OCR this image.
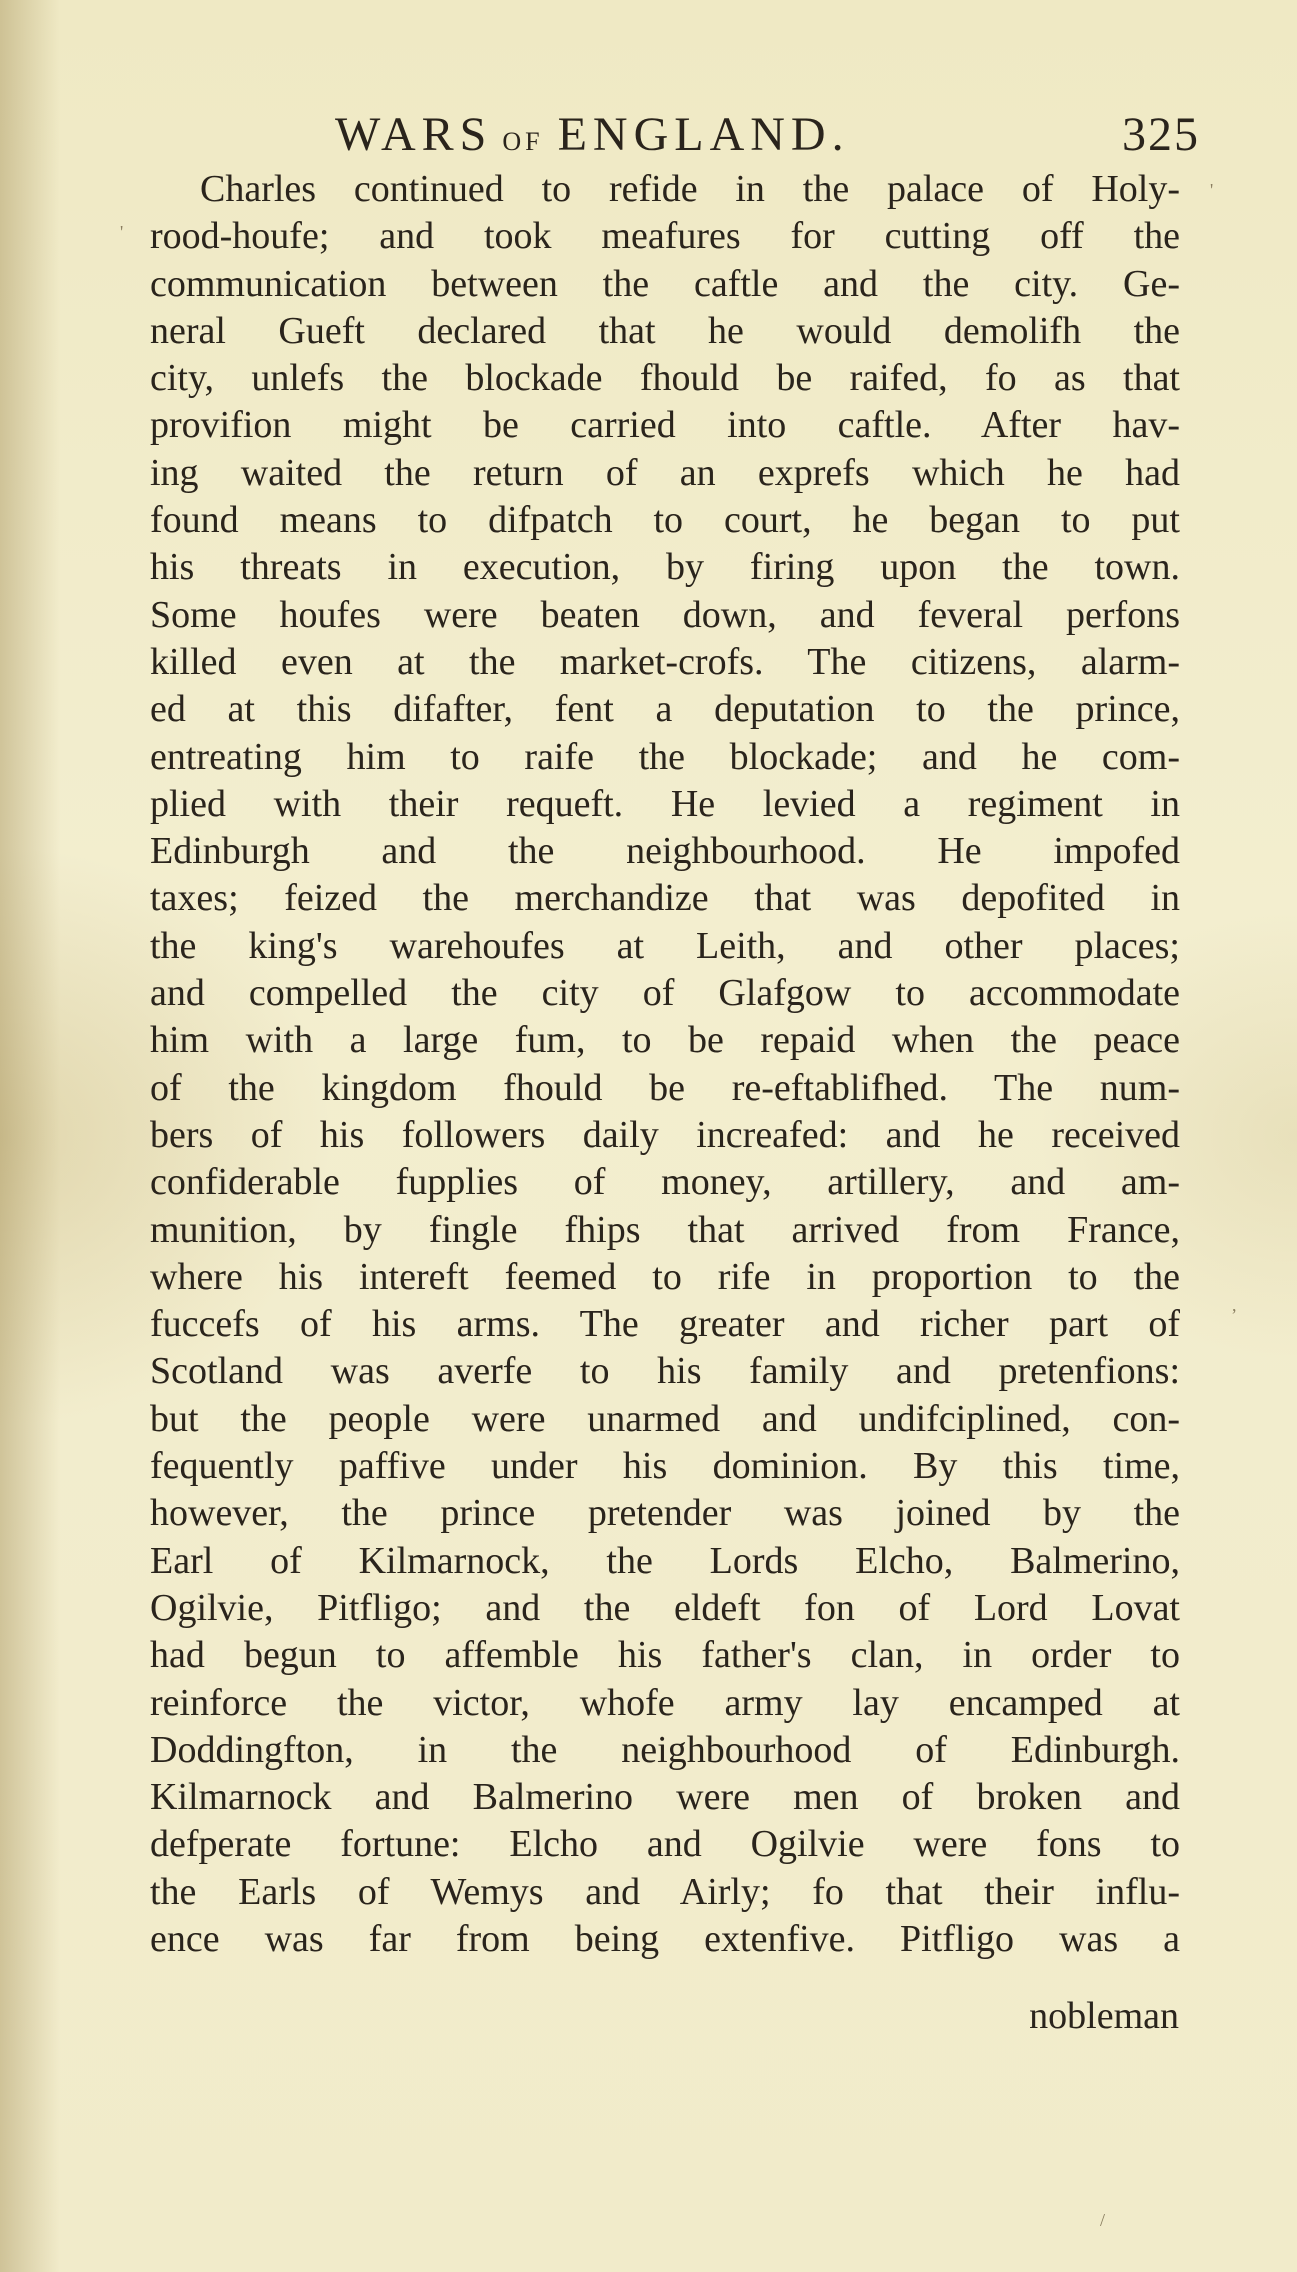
WARS OF ENGLAND.	325
Charles continued to refide in the palace of Holy-
rood-houfe; and took meafures for cutting off the
communication between the caftle and the city. Ge-
neral Gueft declared that he would demolifh the
city, unlefs the blockade fhould be raifed, fo as that
provifion might be carried into caftle. After hav-
ing waited the return of an exprefs which he had
found means to difpatch to court, he began to put
his threats in execution, by firing upon the town.
Some houfes were beaten down, and feveral perfons
killed even at the market-crofs. The citizens, alarm-
ed at this difafter, fent a deputation to the prince,
entreating him to raife the blockade; and he com-
plied with their requeft. He levied a regiment in
Edinburgh and the neighbourhood. He impofed
taxes; feized the merchandize that was depofited in
the king's warehoufes at Leith, and other places;
and compelled the city of Glafgow to accommodate
him with a large fum, to be repaid when the peace
of the kingdom fhould be re-eftablifhed. The num-
bers of his followers daily increafed: and he received
confiderable fupplies of money, artillery, and am-
munition, by fingle fhips that arrived from France,
where his intereft feemed to rife in proportion to the
fuccefs of his arms. The greater and richer part of
Scotland was averfe to his family and pretenfions:
but the people were unarmed and undifciplined, con-
fequently paffive under his dominion. By this time,
however, the prince pretender was joined by the
Earl of Kilmarnock, the Lords Elcho, Balmerino,
Ogilvie, Pitfligo; and the eldeft fon of Lord Lovat
had begun to affemble his father's clan, in order to
reinforce the victor, whofe army lay encamped at
Doddingfton, in the neighbourhood of Edinburgh.
Kilmarnock and Balmerino were men of broken and
defperate fortune: Elcho and Ogilvie were fons to
the Earls of Wemys and Airly; fo that their influ-
ence was far from being extenfive. Pitfligo was a
nobleman
'
'
,
/
